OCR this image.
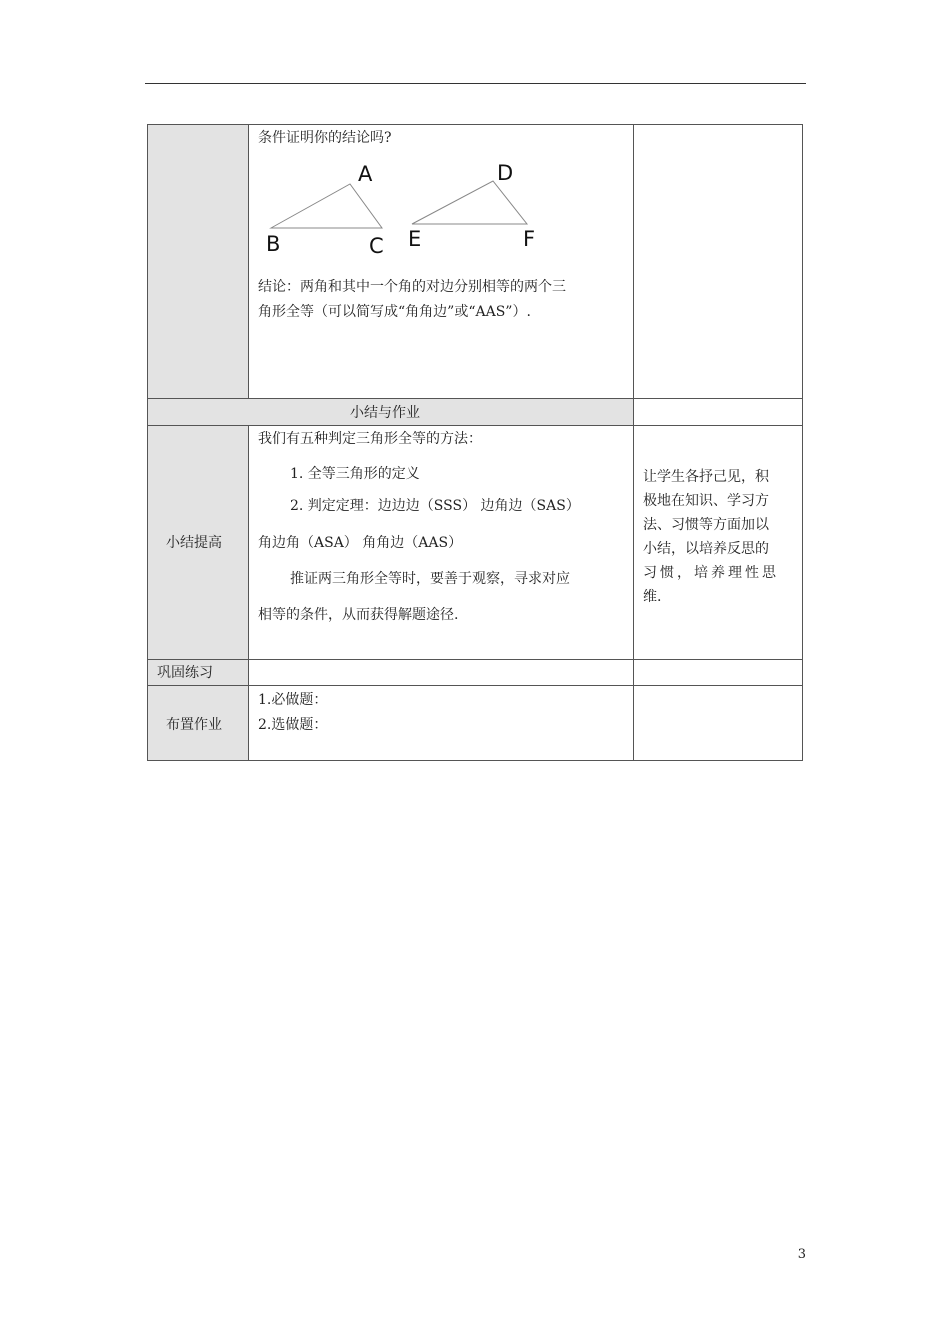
条件证明你的结论吗?
A
B	C
D
E	F
结论：两角和其中一个角的对边分别相等的两个三
角形全等（可以简写成“角角边”或“AAS”）.
小结与作业
小结提高
我们有五种判定三角形全等的方法：
1. 全等三角形的定义
2. 判定定理：边边边（SSS） 边角边（SAS）
角边角（ASA） 角角边（AAS）
推证两三角形全等时，要善于观察，寻求对应
相等的条件，从而获得解题途径.
让学生各抒己见，积
极地在知识、学习方
法、习惯等方面加以
小结，以培养反思的
习惯，培养理性思
维.
巩固练习
布置作业
1.必做题：
2.选做题：
3
